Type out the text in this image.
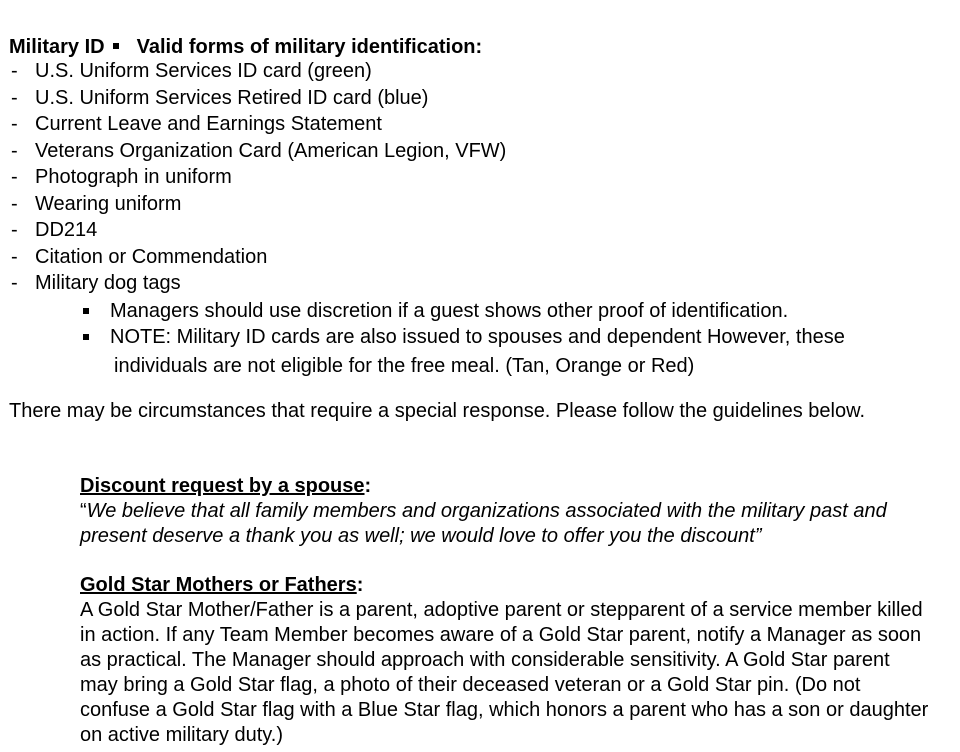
Military ID Valid forms of military identification:
- U.S. Uniform Services ID card (green)
- U.S. Uniform Services Retired ID card (blue)
- Current Leave and Earnings Statement
- Veterans Organization Card (American Legion, VFW)
- Photograph in uniform
- Wearing uniform
- DD214
- Citation or Commendation
- Military dog tags
Managers should use discretion if a guest shows other proof of identification.
NOTE: Military ID cards are also issued to spouses and dependent However, these
individuals are not eligible for the free meal. (Tan, Orange or Red)
There may be circumstances that require a special response. Please follow the guidelines below.
Discount request by a spouse:
“We believe that all family members and organizations associated with the military past and present deserve a thank you as well; we would love to offer you the discount”
Gold Star Mothers or Fathers:
A Gold Star Mother/Father is a parent, adoptive parent or stepparent of a service member killed in action. If any Team Member becomes aware of a Gold Star parent, notify a Manager as soon as practical. The Manager should approach with considerable sensitivity. A Gold Star parent may bring a Gold Star flag, a photo of their deceased veteran or a Gold Star pin. (Do not confuse a Gold Star flag with a Blue Star flag, which honors a parent who has a son or daughter on active military duty.)
